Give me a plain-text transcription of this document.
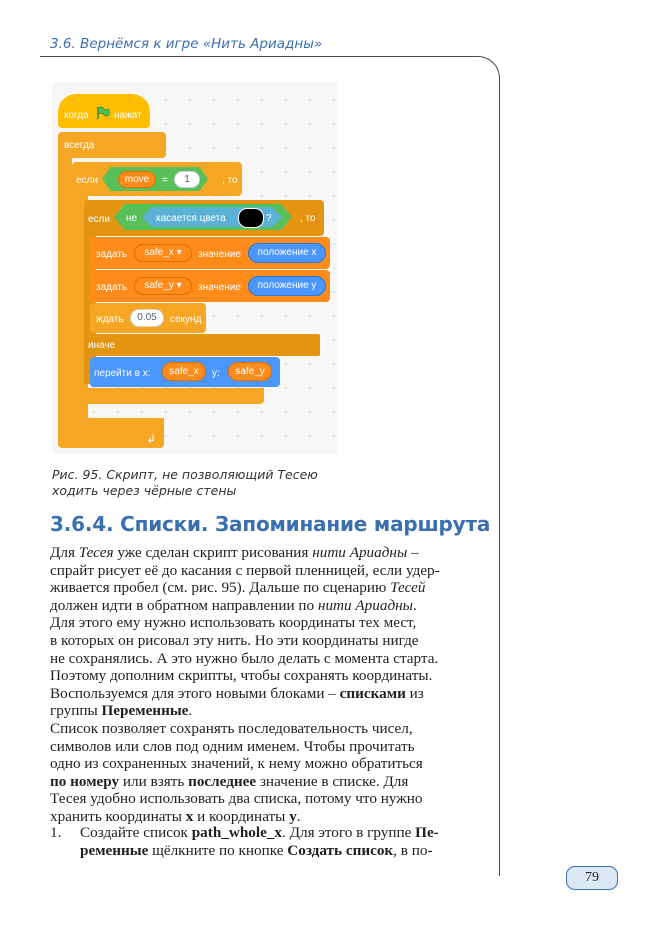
3.6. Вернёмся к игре «Нить Ариадны»
когда	нажат
всегда
↲
если	move	=	1	, то
если не касается цвета	?	, то
задать	safe_x ▾	значение	положение x
задать	safe_y ▾	значение	положение y
ждать	0.05	секунд
иначе
перейти в x:	safe_x	y:	safe_y
Рис. 95. Скрипт, не позволяющий Тесею
ходить через чёрные стены
3.6.4. Списки. Запоминание маршрута
Для Тесея уже сделан скрипт рисования нити Ариадны –
спрайт рисует её до касания с первой пленницей, если удер-
живается пробел (см. рис. 95). Дальше по сценарию Тесей
должен идти в обратном направлении по нити Ариадны.
Для этого ему нужно использовать координаты тех мест,
в которых он рисовал эту нить. Но эти координаты нигде
не сохранялись. А это нужно было делать с момента старта.
Поэтому дополним скрипты, чтобы сохранять координаты.
Воспользуемся для этого новыми блоками – списками из
группы Переменные.
Список позволяет сохранять последовательность чисел,
символов или слов под одним именем. Чтобы прочитать
одно из сохраненных значений, к нему можно обратиться
по номеру или взять последнее значение в списке. Для
Тесея удобно использовать два списка, потому что нужно
хранить координаты x и координаты y.
1. Создайте список path_whole_x. Для этого в группе Пе-
ременные щёлкните по кнопке Создать список, в по-
79
